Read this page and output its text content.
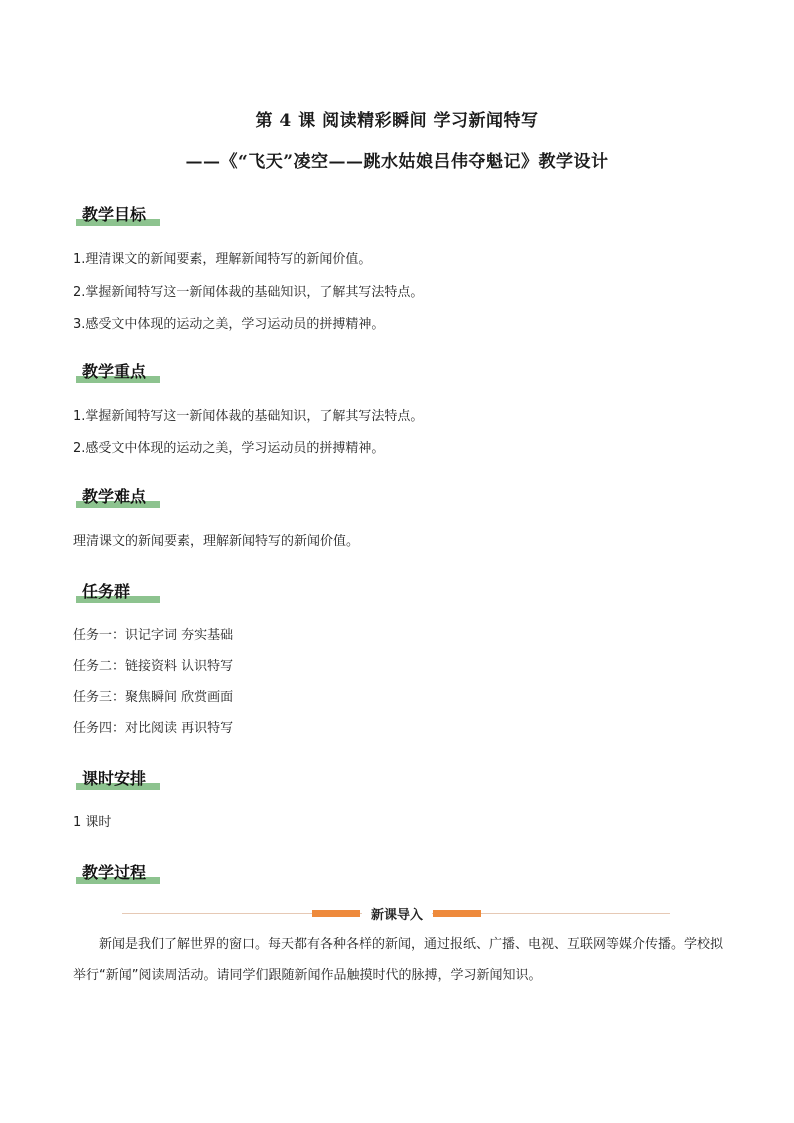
第 4 课 阅读精彩瞬间 学习新闻特写
——《“飞天”凌空——跳水姑娘吕伟夺魁记》教学设计
教学目标
1.理清课文的新闻要素，理解新闻特写的新闻价值。
2.掌握新闻特写这一新闻体裁的基础知识，了解其写法特点。
3.感受文中体现的运动之美，学习运动员的拼搏精神。
教学重点
1.掌握新闻特写这一新闻体裁的基础知识，了解其写法特点。
2.感受文中体现的运动之美，学习运动员的拼搏精神。
教学难点
理清课文的新闻要素，理解新闻特写的新闻价值。
任务群
任务一：识记字词 夯实基础
任务二：链接资料 认识特写
任务三：聚焦瞬间 欣赏画面
任务四：对比阅读 再识特写
课时安排
1 课时
教学过程
新课导入
新闻是我们了解世界的窗口。每天都有各种各样的新闻，通过报纸、广播、电视、互联网等媒介传播。学校拟举行“新闻”阅读周活动。请同学们跟随新闻作品触摸时代的脉搏，学习新闻知识。
